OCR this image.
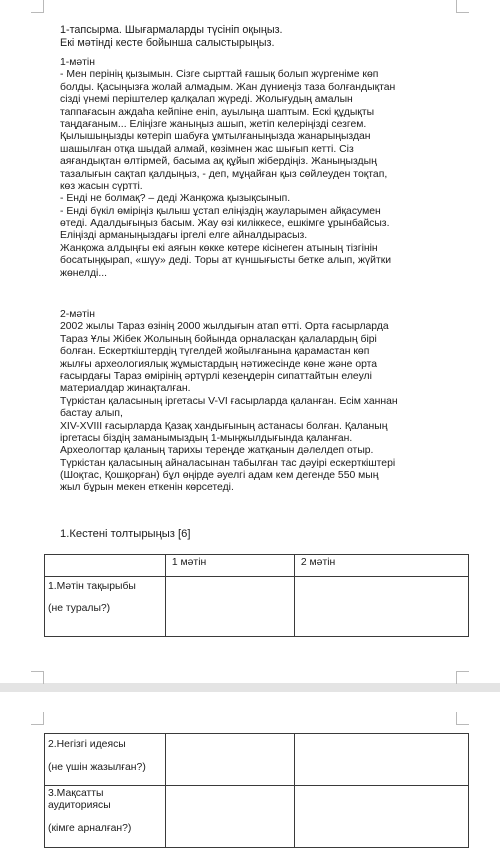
1-тапсырма. Шығармаларды түсініп оқыңыз.
Екі мәтінді кесте бойынша салыстырыңыз.
1-мәтін
- Мен перінің қызымын. Сізге сырттай ғашық болып жүргеніме көп
болды. Қасыңызға жолай алмадым. Жан дүниеңіз таза болғандықтан
сізді үнемі періштелер қалқалап жүреді. Жолығудың амалын
таппағасын аждаһа кейпіне еніп, ауылыңа шаптым. Ескі құдықты
таңдағаным... Еліңізге жаныңыз ашып, жетіп келеріңізді сезгем.
Қылышыңызды көтеріп шабуға ұмтылғаныңызда жанарыңыздан
шашылған отқа шыдай алмай, көзімнен жас шығып кетті. Сіз
аяғандықтан өлтірмей, басыма ақ құйып жібердіңіз. Жаныңыздың
тазалығын сақтап қалдыңыз, - деп, мұңайған қыз сөйлеуден тоқтап,
көз жасын сүртті.
- Енді не болмақ? – деді Жанқожа қызықсынып.
- Енді бүкіл өміріңіз қылыш ұстап еліңіздің жауларымен айқасумен
өтеді. Адалдығыңыз басым. Жау өзі киліккесе, ешкімге ұрынбайсыз.
Еліңізді арманыңыздағы іргелі елге айналдырасыз.
Жанқожа алдыңғы екі аяғын көкке көтере кісінеген атының тізгінін
босатыңқырап, «шүу» деді. Торы ат күншығысты бетке алып, жүйтки
жөнелді...
2-мәтін
2002 жылы Тараз өзінің 2000 жылдығын атап өтті. Орта ғасырларда
Тараз Ұлы Жібек Жолының бойында орналасқан қалалардың бірі
болған. Ескерткіштердің түгелдей жойылғанына қарамастан көп
жылғы археологиялық жұмыстардың нәтижесінде көне және орта
ғасырдағы Тараз өмірінің әртүрлі кезеңдерін сипаттайтын елеулі
материалдар жинақталған.
Түркістан қаласының іргетасы V-VI ғасырларда қаланған. Есім ханнан
бастау алып,
XIV-XVIII ғасырларда Қазақ хандығының астанасы болған. Қаланың
іргетасы біздің заманымыздың 1-мыңжылдығында қаланған.
Археологтар қаланың тарихы тереңде жатқанын дәлелдеп отыр.
Түркістан қаласының айналасынан табылған тас дәуірі ескерткіштері
(Шоқтас, Қошқорған) бұл өңірде әуелгі адам кем дегенде 550 мың
жыл бұрын мекен еткенін көрсетеді.
1.Кестені толтырыңыз [6]
	1 мәтін	2 мәтін

1.Мәтін тақырыбы
(не туралы?)		

2.Негізгі идеясы
(не үшін жазылған?)		

3.Мақсатты
аудиториясы
(кімге арналған?)		
